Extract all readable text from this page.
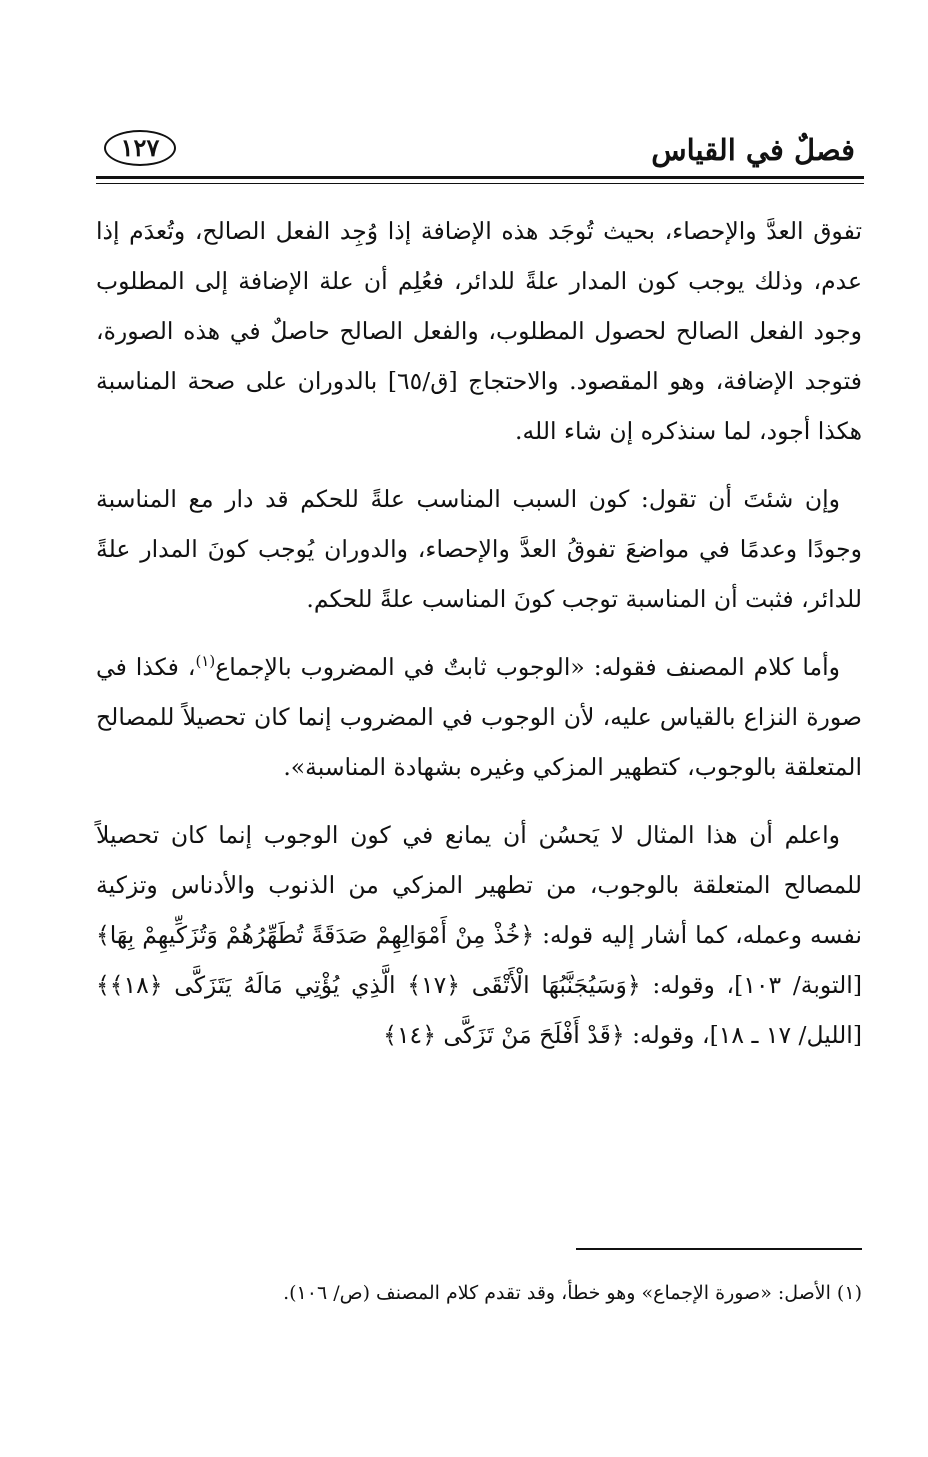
فصلٌ في القياس
١٢٧

تفوق العدَّ والإحصاء، بحيث تُوجَد هذه الإضافة إذا وُجِد الفعل الصالح، وتُعدَم إذا عدم، وذلك يوجب كون المدار علةً للدائر، فعُلِم أن علة الإضافة إلى المطلوب وجود الفعل الصالح لحصول المطلوب، والفعل الصالح حاصلٌ في هذه الصورة، فتوجد الإضافة، وهو المقصود. والاحتجاج [ق/٦٥] بالدوران على صحة المناسبة هكذا أجود، لما سنذكره إن شاء الله.

وإن شئتَ أن تقول: كون السبب المناسب علةً للحكم قد دار مع المناسبة وجودًا وعدمًا في مواضعَ تفوقُ العدَّ والإحصاء، والدوران يُوجب كونَ المدار علةً للدائر، فثبت أن المناسبة توجب كونَ المناسب علةً للحكم.

وأما كلام المصنف فقوله: «الوجوب ثابتٌ في المضروب بالإجماع$^{(١)}$، فكذا في صورة النزاع بالقياس عليه، لأن الوجوب في المضروب إنما كان تحصيلاً للمصالح المتعلقة بالوجوب، كتطهير المزكي وغيره بشهادة المناسبة».

واعلم أن هذا المثال لا يَحسُن أن يمانع في كون الوجوب إنما كان تحصيلاً للمصالح المتعلقة بالوجوب، من تطهير المزكي من الذنوب والأدناس وتزكية نفسه وعمله، كما أشار إليه قوله: ﴿خُذْ مِنْ أَمْوَالِهِمْ صَدَقَةً تُطَهِّرُهُمْ وَتُزَكِّيهِمْ بِهَا﴾ [التوبة/ ١٠٣]، وقوله: ﴿وَسَيُجَنَّبُهَا الْأَتْقَى ﴿١٧﴾ الَّذِي يُؤْتِي مَالَهُ يَتَزَكَّى ﴿١٨﴾﴾ [الليل/ ١٧ ـ ١٨]، وقوله: ﴿قَدْ أَفْلَحَ مَنْ تَزَكَّى ﴿١٤﴾

(١) الأصل: «صورة الإجماع» وهو خطأ، وقد تقدم كلام المصنف (ص/ ١٠٦).
